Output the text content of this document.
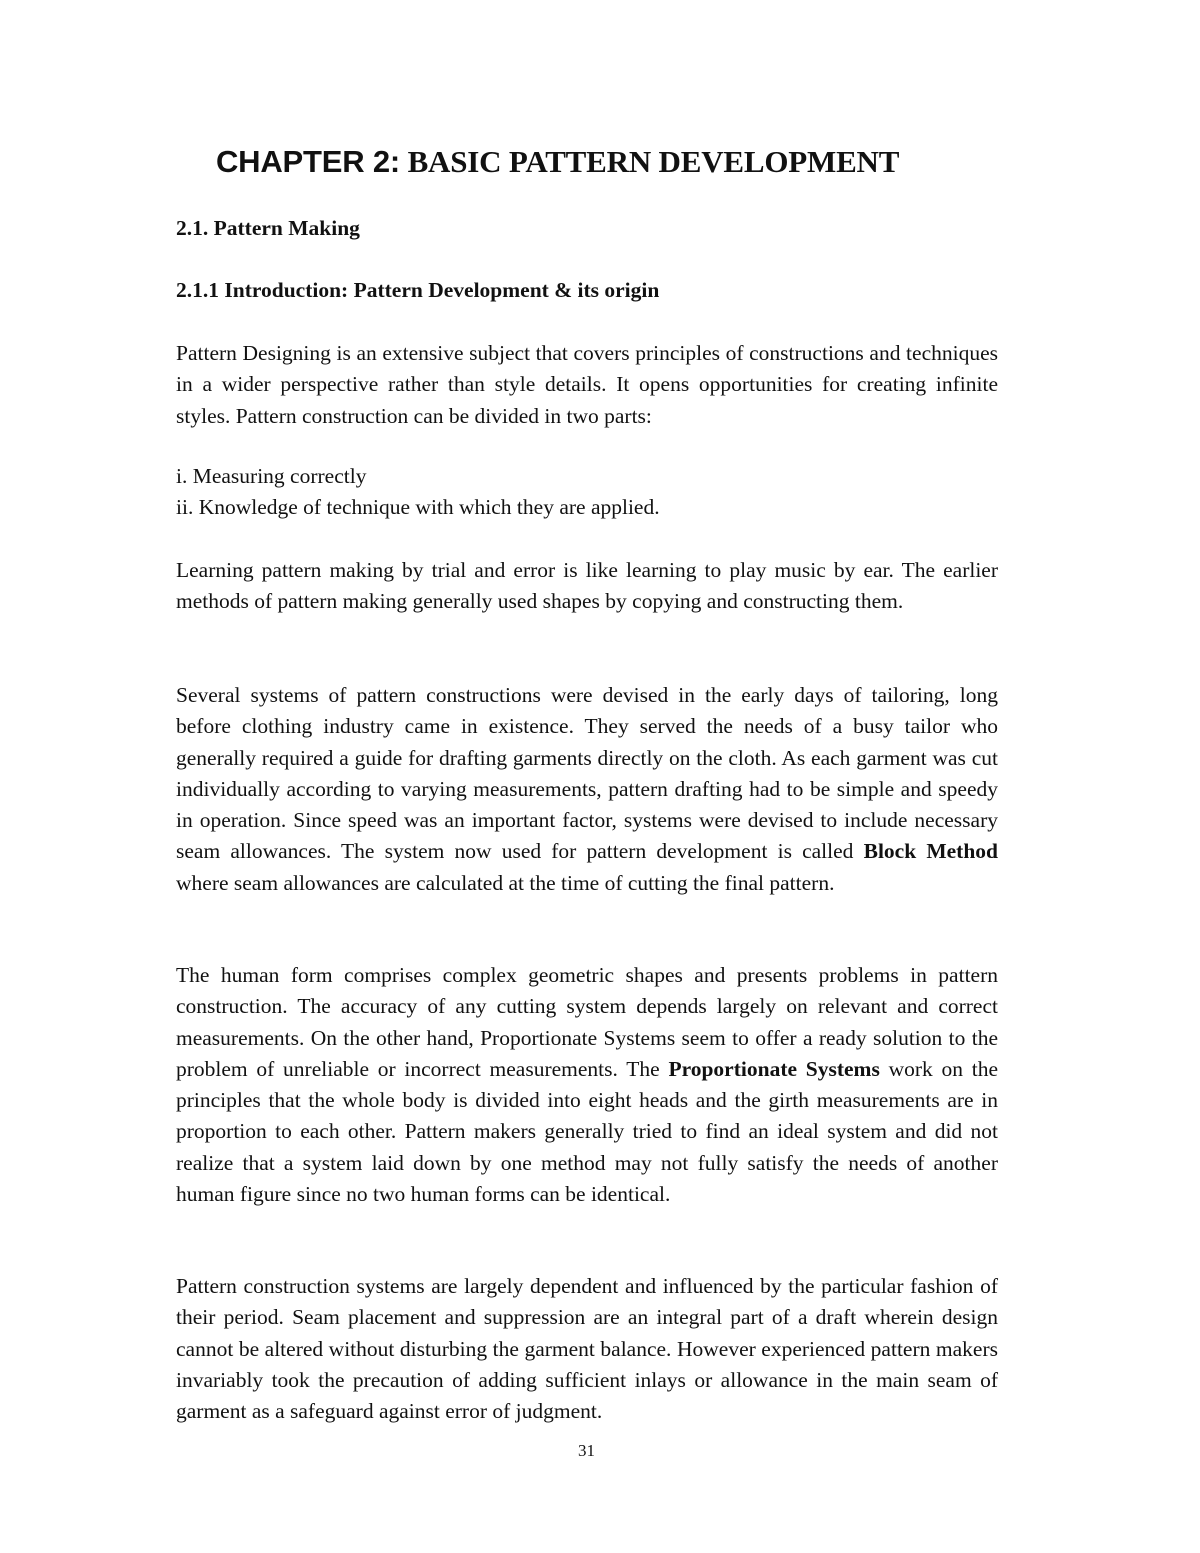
CHAPTER 2: BASIC PATTERN DEVELOPMENT
2.1. Pattern Making
2.1.1 Introduction: Pattern Development & its origin

Pattern Designing is an extensive subject that covers principles of constructions and techniques in a wider perspective rather than style details. It opens opportunities for creating infinite styles. Pattern construction can be divided in two parts:

i. Measuring correctly
ii. Knowledge of technique with which they are applied.

Learning pattern making by trial and error is like learning to play music by ear. The earlier methods of pattern making generally used shapes by copying and constructing them.

Several systems of pattern constructions were devised in the early days of tailoring, long before clothing industry came in existence. They served the needs of a busy tailor who generally required a guide for drafting garments directly on the cloth. As each garment was cut individually according to varying measurements, pattern drafting had to be simple and speedy in operation. Since speed was an important factor, systems were devised to include necessary seam allowances. The system now used for pattern development is called Block Method where seam allowances are calculated at the time of cutting the final pattern.

The human form comprises complex geometric shapes and presents problems in pattern construction. The accuracy of any cutting system depends largely on relevant and correct measurements. On the other hand, Proportionate Systems seem to offer a ready solution to the problem of unreliable or incorrect measurements. The Proportionate Systems work on the principles that the whole body is divided into eight heads and the girth measurements are in proportion to each other. Pattern makers generally tried to find an ideal system and did not realize that a system laid down by one method may not fully satisfy the needs of another human figure since no two human forms can be identical.

Pattern construction systems are largely dependent and influenced by the particular fashion of their period. Seam placement and suppression are an integral part of a draft wherein design cannot be altered without disturbing the garment balance. However experienced pattern makers invariably took the precaution of adding sufficient inlays or allowance in the main seam of garment as a safeguard against error of judgment.

31
